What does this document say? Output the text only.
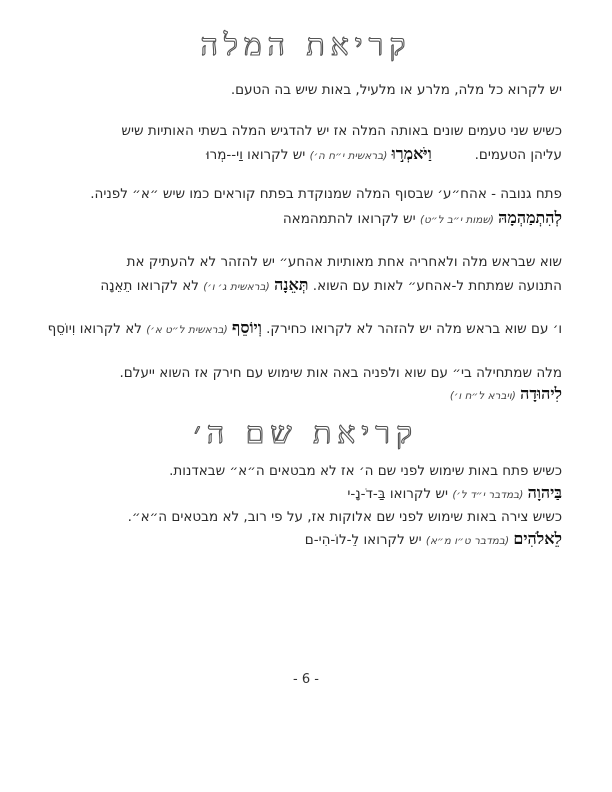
קריאת המלה
יש לקרוא כל מלה, מלרע או מלעיל, באות שיש בה הטעם.
כשיש שני טעמים שונים באותה המלה אז יש להדגיש המלה בשתי האותיות שיש
עליהן הטעמים.          וַיֹּאמְר֣וּ (בראשית י״ח ה׳) יש לקרואו וַי--מְרוּ
פתח גנובה - אהח״ע׳ שבסוף המלה שמנוקדת בפתח קוראים כמו שיש ״א״ לפניה.
לְהִתְמַהְמָהּ (שמות י״ב ל״ט) יש לקרואו להתמהמאה
שוא שבראש מלה ולאחריה אחת מאותיות אהחע״ יש להזהר לא להעתיק את
התנועה שמתחת ל-אהחע״ לאות עם השוא. תְּאֵנָה (בראשית ג׳ ו׳) לא לקרואו תֵאֵנָה
ו׳ עם שוא בראש מלה יש להזהר לא לקרואו כחירק. וְיוֹסֵף (בראשית ל״ט א׳) לא לקרואו וִיוֹסֵף
מלה שמתחילה בי״ עם שוא ולפניה באה אות שימוש עם חירק אז השוא ייעלם.
לִיהוּדָה (ויברא ל״ח ו׳)
קריאת שם ה׳
כשיש פתח באות שימוש לפני שם ה׳ אז לא מבטאים ה״א״ שבאדנות.
בַּיהוָה (במדבר י״ד ל׳) יש לקרואו בַּ-דֹ-נָ-י
כשיש צירה באות שימוש לפני שם אלוקות אז, על פי רוב, לא מבטאים ה״א״.
לֵאלֹהִים (במדבר ט״ו מ״א) יש לקרואו לֵ-לוֹ-הִי-ם
- 6 -
